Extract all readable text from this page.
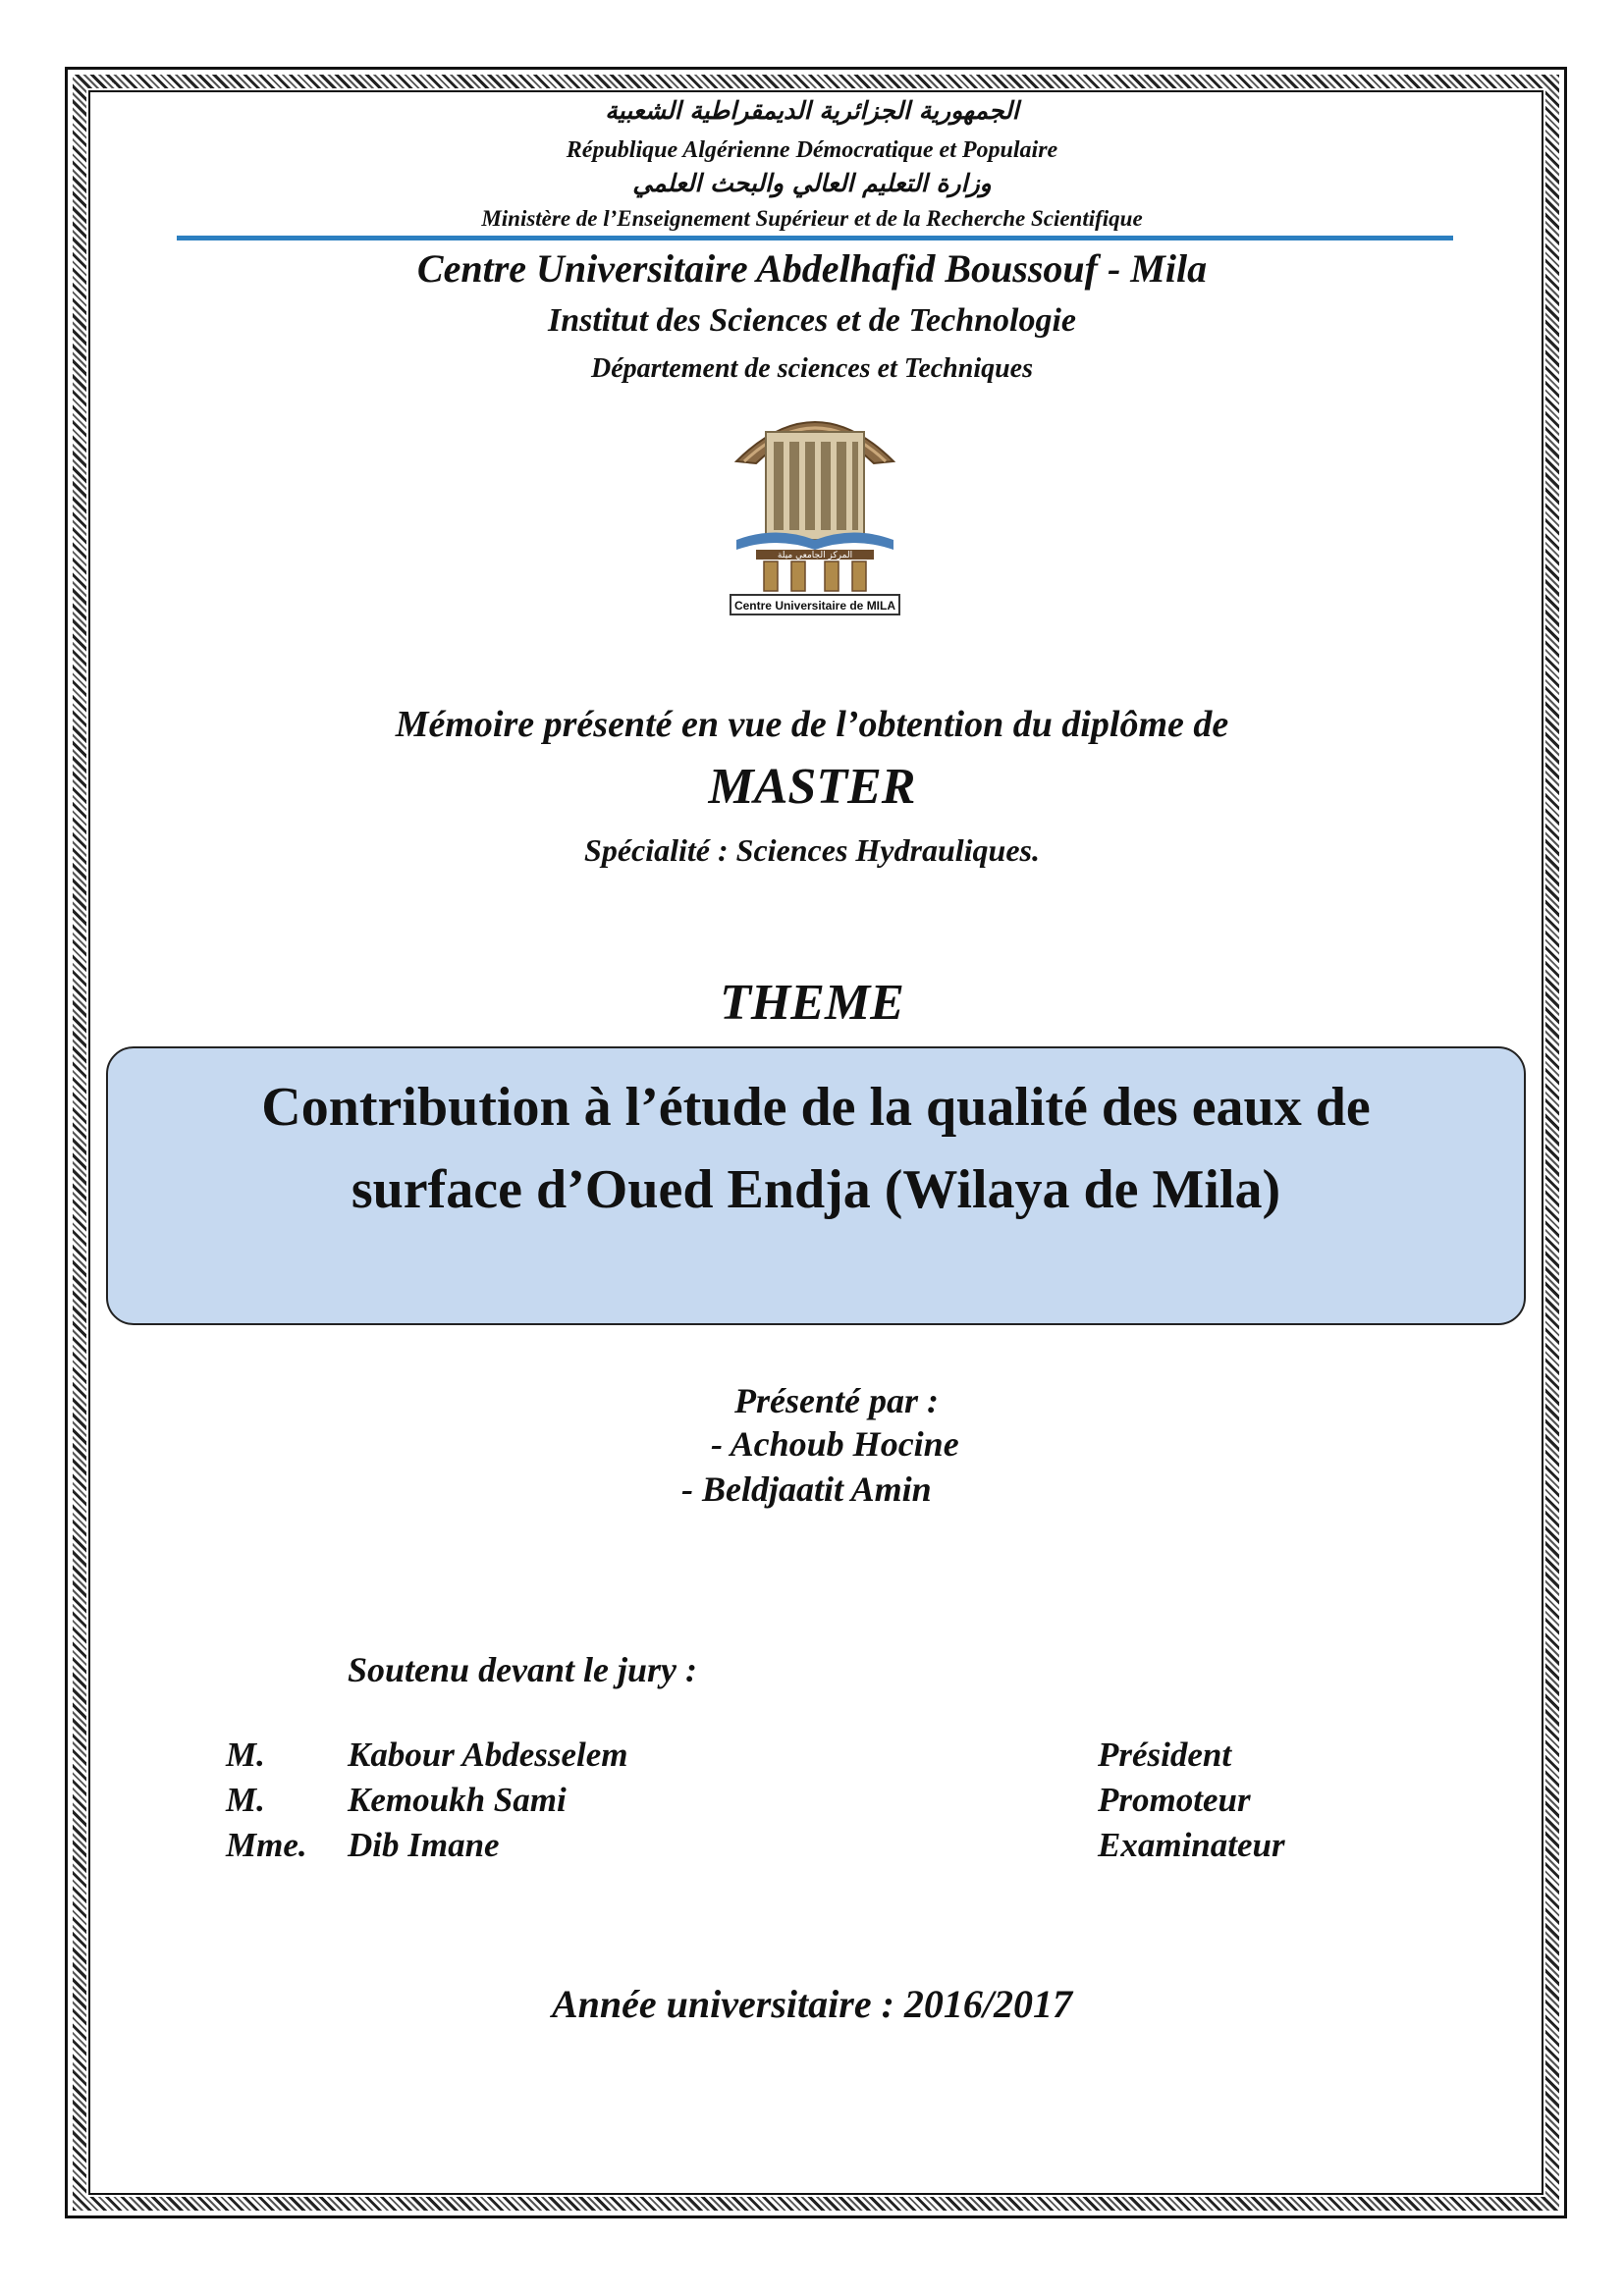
الجمهورية الجزائرية الديمقراطية الشعبية
République Algérienne Démocratique et Populaire
وزارة التعليم العالي والبحث العلمي
Ministère de l’Enseignement Supérieur et de la Recherche Scientifique
Centre Universitaire Abdelhafid Boussouf - Mila
Institut des Sciences et de Technologie
Département de sciences et Techniques
المركز الجامعي ميلة
Centre Universitaire de MILA
Mémoire présenté en vue de l’obtention du diplôme de
MASTER
Spécialité : Sciences Hydrauliques.
THEME
Contribution à l’étude de la qualité des eaux de
surface d’Oued Endja (Wilaya de Mila)
Présenté par :
- Achoub Hocine
- Beldjaatit Amin
Soutenu devant le jury :
M. Kabour Abdesselem	Président
M. Kemoukh Sami	Promoteur
Mme. Dib Imane	Examinateur
Année universitaire : 2016/2017
